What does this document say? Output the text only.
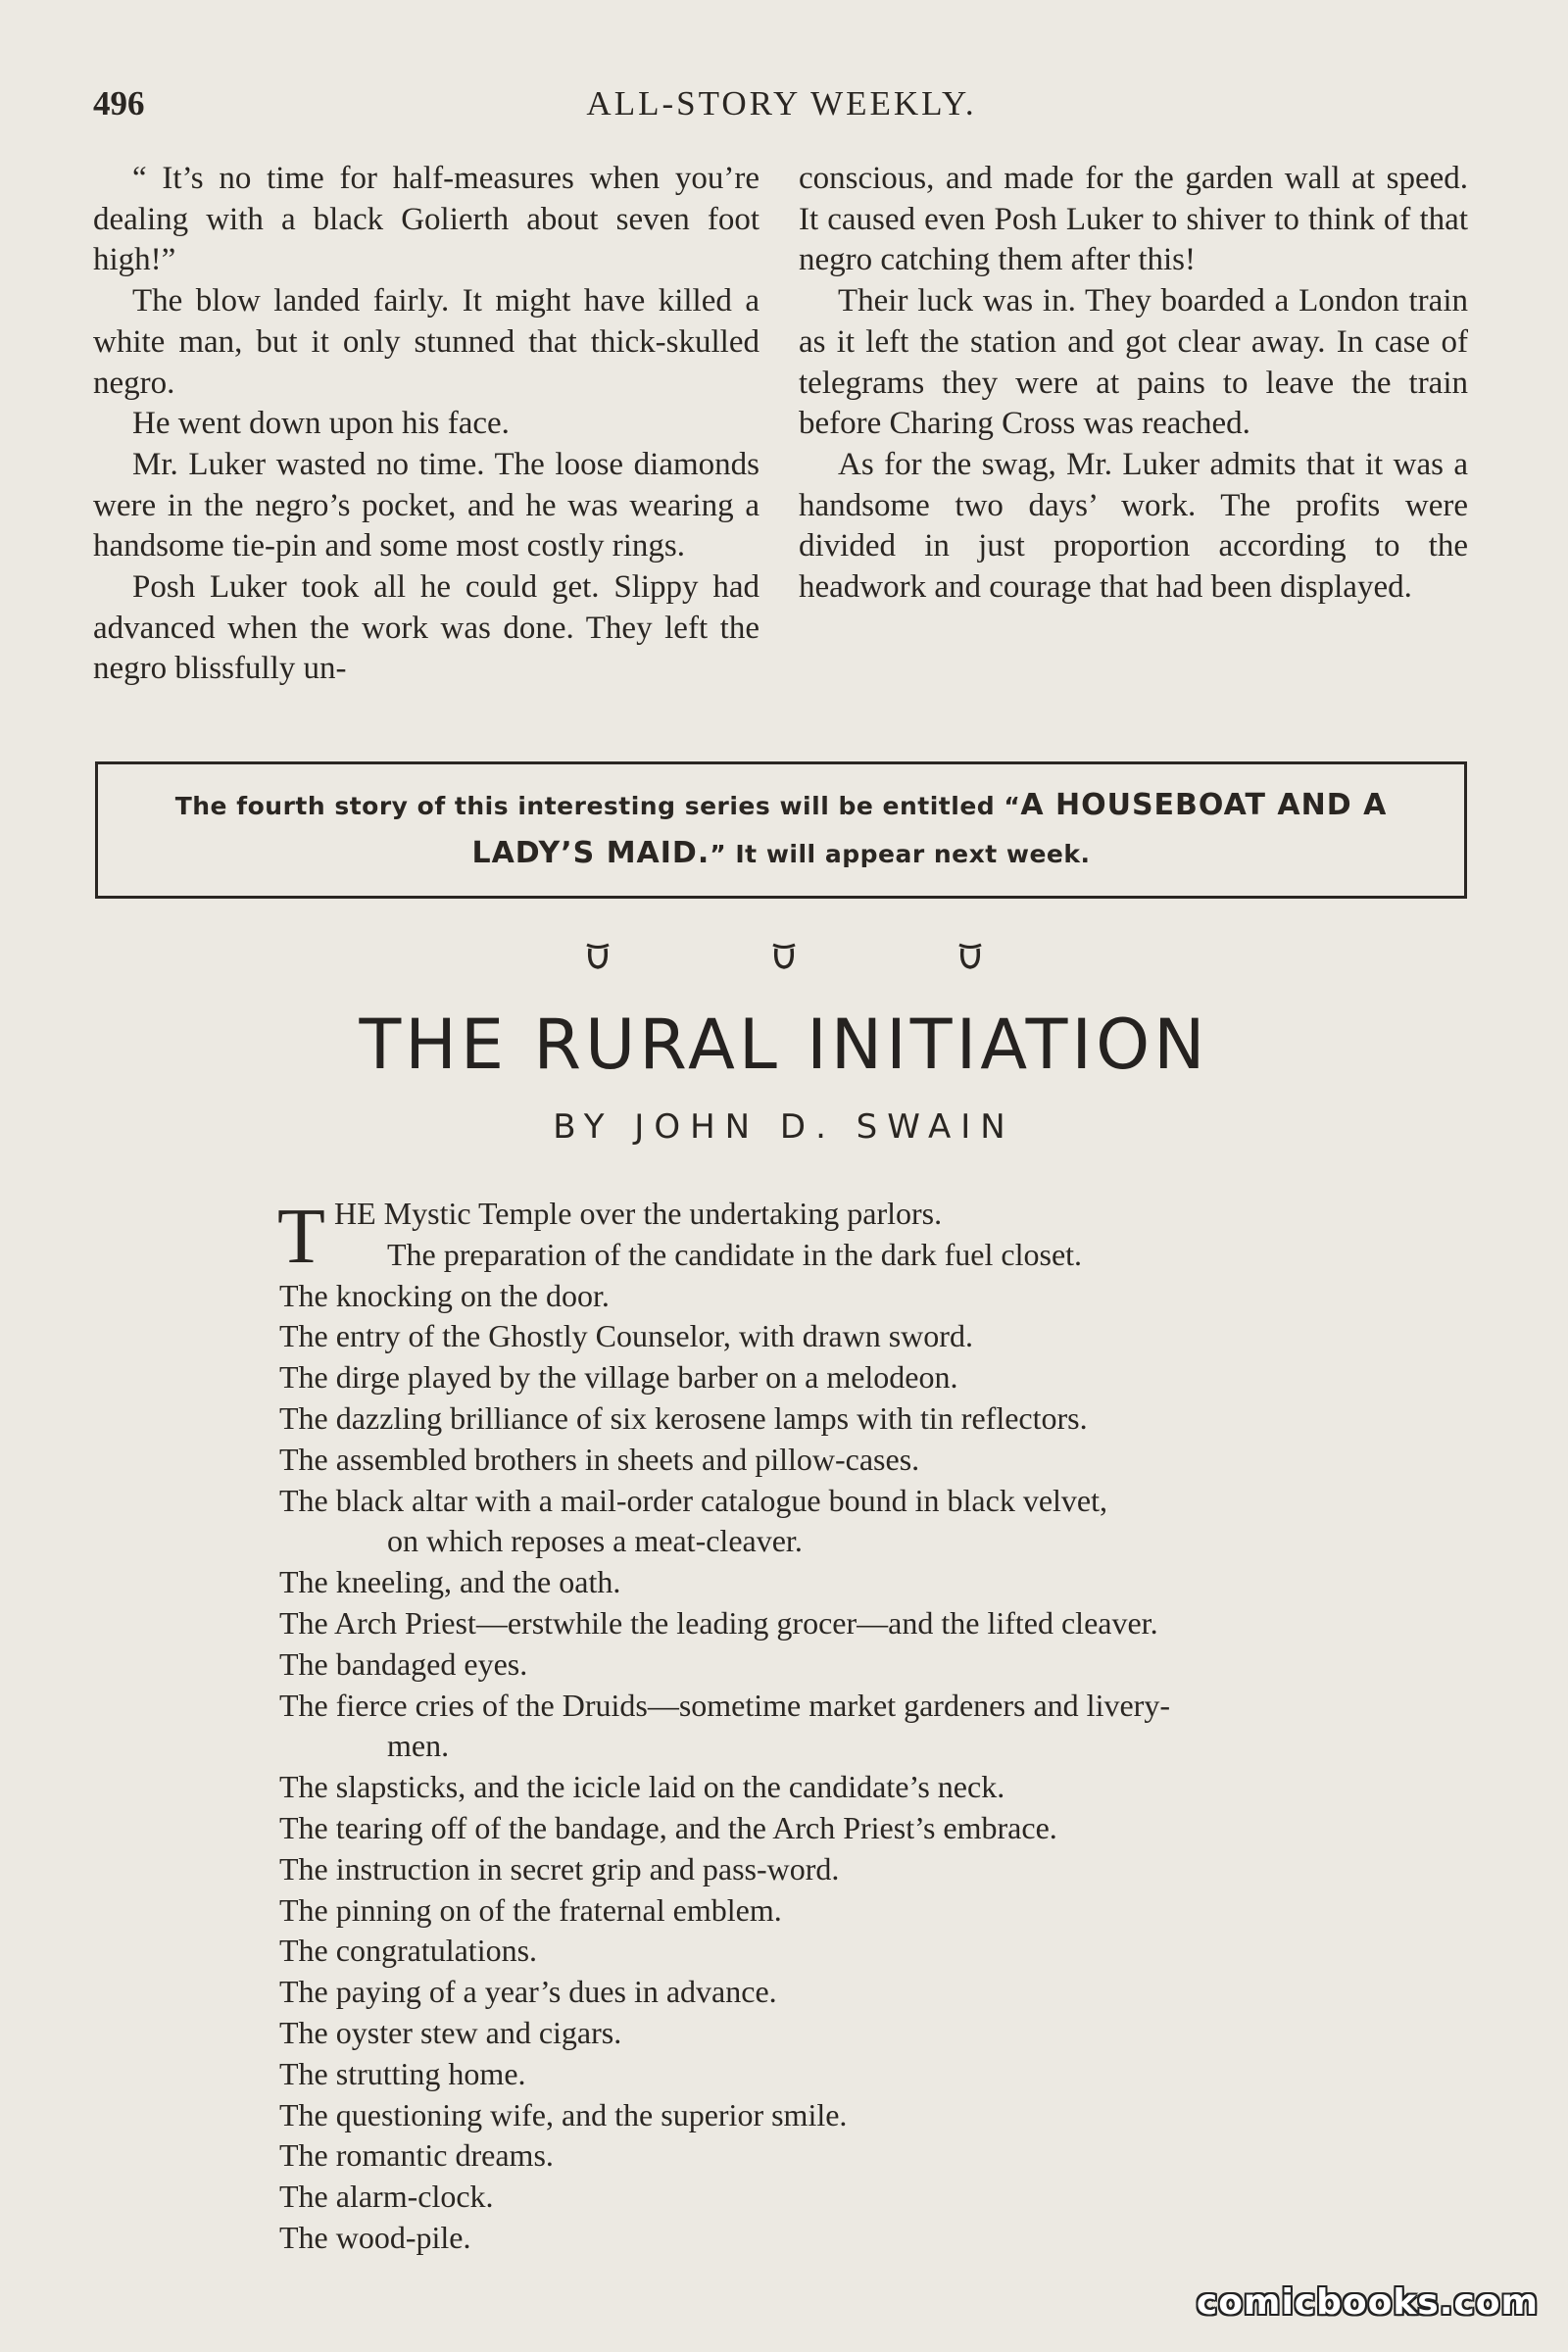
496	ALL-STORY WEEKLY.

“ It’s no time for half-measures when you’re dealing with a black Golierth about seven foot high!”

The blow landed fairly. It might have killed a white man, but it only stunned that thick-skulled negro.

He went down upon his face.

Mr. Luker wasted no time. The loose diamonds were in the negro’s pocket, and he was wearing a handsome tie-pin and some most costly rings.

Posh Luker took all he could get. Slippy had advanced when the work was done. They left the negro blissfully un-

conscious, and made for the garden wall at speed. It caused even Posh Luker to shiver to think of that negro catching them after this!

Their luck was in. They boarded a London train as it left the station and got clear away. In case of telegrams they were at pains to leave the train before Charing Cross was reached.

As for the swag, Mr. Luker admits that it was a handsome two days’ work. The profits were divided in just proportion according to the headwork and courage that had been displayed.

The fourth story of this interesting series will be entitled “A HOUSEBOAT AND A LADY’S MAID.” It will appear next week.
THE RURAL INITIATION
BY JOHN D. SWAIN
T HE Mystic Temple over the undertaking parlors.
The preparation of the candidate in the dark fuel closet.
The knocking on the door.
The entry of the Ghostly Counselor, with drawn sword.
The dirge played by the village barber on a melodeon.
The dazzling brilliance of six kerosene lamps with tin reflectors.
The assembled brothers in sheets and pillow-cases.
The black altar with a mail-order catalogue bound in black velvet,
on which reposes a meat-cleaver.
The kneeling, and the oath.
The Arch Priest—erstwhile the leading grocer—and the lifted cleaver.
The bandaged eyes.
The fierce cries of the Druids—sometime market gardeners and livery-
men.
The slapsticks, and the icicle laid on the candidate’s neck.
The tearing off of the bandage, and the Arch Priest’s embrace.
The instruction in secret grip and pass-word.
The pinning on of the fraternal emblem.
The congratulations.
The paying of a year’s dues in advance.
The oyster stew and cigars.
The strutting home.
The questioning wife, and the superior smile.
The romantic dreams.
The alarm-clock.
The wood-pile.
comicbooks.com
